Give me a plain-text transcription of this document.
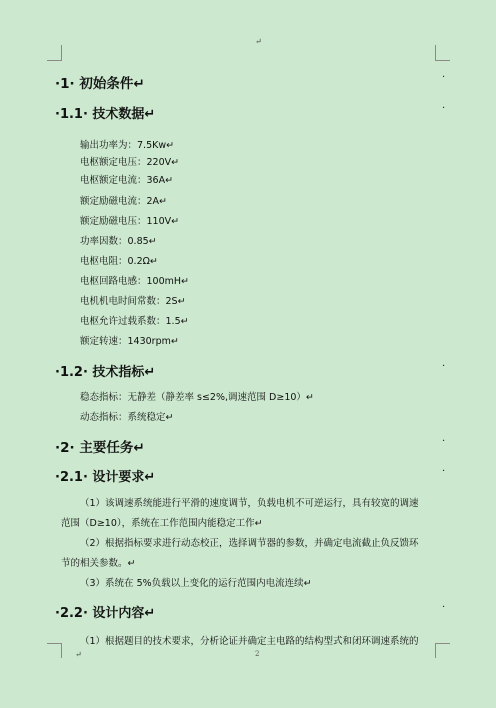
↵
·1· 初始条件↵	·
·1.1· 技术数据↵	·
输出功率为：7.5Kw↵
电枢额定电压：220V↵
电枢额定电流：36A↵
额定励磁电流：2A↵
额定励磁电压：110V↵
功率因数：0.85↵
电枢电阻：0.2Ω↵
电枢回路电感：100mH↵
电机机电时间常数：2S↵
电枢允许过载系数：1.5↵
额定转速：1430rpm↵
·1.2· 技术指标↵	·
稳态指标：无静差（静差率 s≤2%,调速范围 D≥10）↵
动态指标：系统稳定↵
·2· 主要任务↵	·
·2.1· 设计要求↵	·
（1）该调速系统能进行平滑的速度调节，负载电机不可逆运行，具有较宽的调速
范围（D≥10），系统在工作范围内能稳定工作↵
（2）根据指标要求进行动态校正，选择调节器的参数，并确定电流截止负反馈环
节的相关参数。↵
（3）系统在 5%负载以上变化的运行范围内电流连续↵
·2.2· 设计内容↵	·
（1）根据题目的技术要求，分析论证并确定主电路的结构型式和闭环调速系统的
↵	2
